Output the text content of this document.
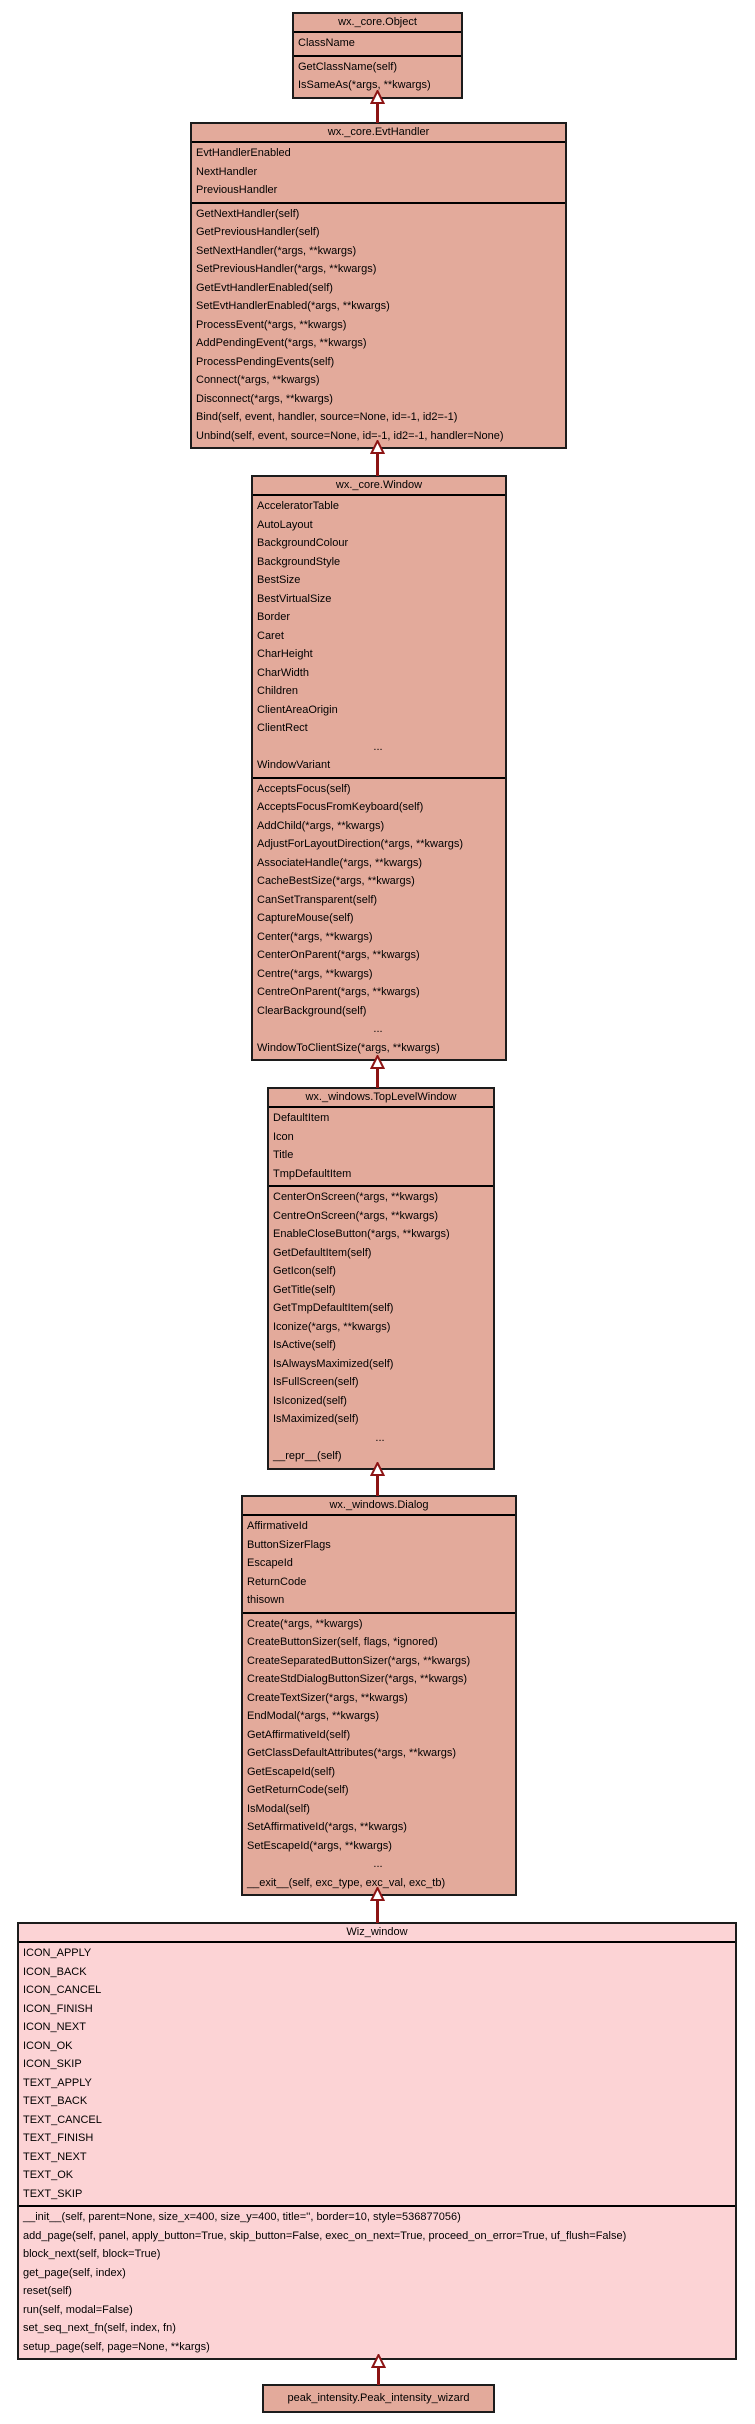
wx._core.Object
ClassName
GetClassName(self)
IsSameAs(*args, **kwargs)
wx._core.EvtHandler
EvtHandlerEnabled
NextHandler
PreviousHandler
GetNextHandler(self)
GetPreviousHandler(self)
SetNextHandler(*args, **kwargs)
SetPreviousHandler(*args, **kwargs)
GetEvtHandlerEnabled(self)
SetEvtHandlerEnabled(*args, **kwargs)
ProcessEvent(*args, **kwargs)
AddPendingEvent(*args, **kwargs)
ProcessPendingEvents(self)
Connect(*args, **kwargs)
Disconnect(*args, **kwargs)
Bind(self, event, handler, source=None, id=-1, id2=-1)
Unbind(self, event, source=None, id=-1, id2=-1, handler=None)
wx._core.Window
AcceleratorTable
AutoLayout
BackgroundColour
BackgroundStyle
BestSize
BestVirtualSize
Border
Caret
CharHeight
CharWidth
Children
ClientAreaOrigin
ClientRect
...
WindowVariant
AcceptsFocus(self)
AcceptsFocusFromKeyboard(self)
AddChild(*args, **kwargs)
AdjustForLayoutDirection(*args, **kwargs)
AssociateHandle(*args, **kwargs)
CacheBestSize(*args, **kwargs)
CanSetTransparent(self)
CaptureMouse(self)
Center(*args, **kwargs)
CenterOnParent(*args, **kwargs)
Centre(*args, **kwargs)
CentreOnParent(*args, **kwargs)
ClearBackground(self)
...
WindowToClientSize(*args, **kwargs)
wx._windows.TopLevelWindow
DefaultItem
Icon
Title
TmpDefaultItem
CenterOnScreen(*args, **kwargs)
CentreOnScreen(*args, **kwargs)
EnableCloseButton(*args, **kwargs)
GetDefaultItem(self)
GetIcon(self)
GetTitle(self)
GetTmpDefaultItem(self)
Iconize(*args, **kwargs)
IsActive(self)
IsAlwaysMaximized(self)
IsFullScreen(self)
IsIconized(self)
IsMaximized(self)
...
__repr__(self)
wx._windows.Dialog
AffirmativeId
ButtonSizerFlags
EscapeId
ReturnCode
thisown
Create(*args, **kwargs)
CreateButtonSizer(self, flags, *ignored)
CreateSeparatedButtonSizer(*args, **kwargs)
CreateStdDialogButtonSizer(*args, **kwargs)
CreateTextSizer(*args, **kwargs)
EndModal(*args, **kwargs)
GetAffirmativeId(self)
GetClassDefaultAttributes(*args, **kwargs)
GetEscapeId(self)
GetReturnCode(self)
IsModal(self)
SetAffirmativeId(*args, **kwargs)
SetEscapeId(*args, **kwargs)
...
__exit__(self, exc_type, exc_val, exc_tb)
Wiz_window
ICON_APPLY
ICON_BACK
ICON_CANCEL
ICON_FINISH
ICON_NEXT
ICON_OK
ICON_SKIP
TEXT_APPLY
TEXT_BACK
TEXT_CANCEL
TEXT_FINISH
TEXT_NEXT
TEXT_OK
TEXT_SKIP
__init__(self, parent=None, size_x=400, size_y=400, title='', border=10, style=536877056)
add_page(self, panel, apply_button=True, skip_button=False, exec_on_next=True, proceed_on_error=True, uf_flush=False)
block_next(self, block=True)
get_page(self, index)
reset(self)
run(self, modal=False)
set_seq_next_fn(self, index, fn)
setup_page(self, page=None, **kargs)
peak_intensity.Peak_intensity_wizard
